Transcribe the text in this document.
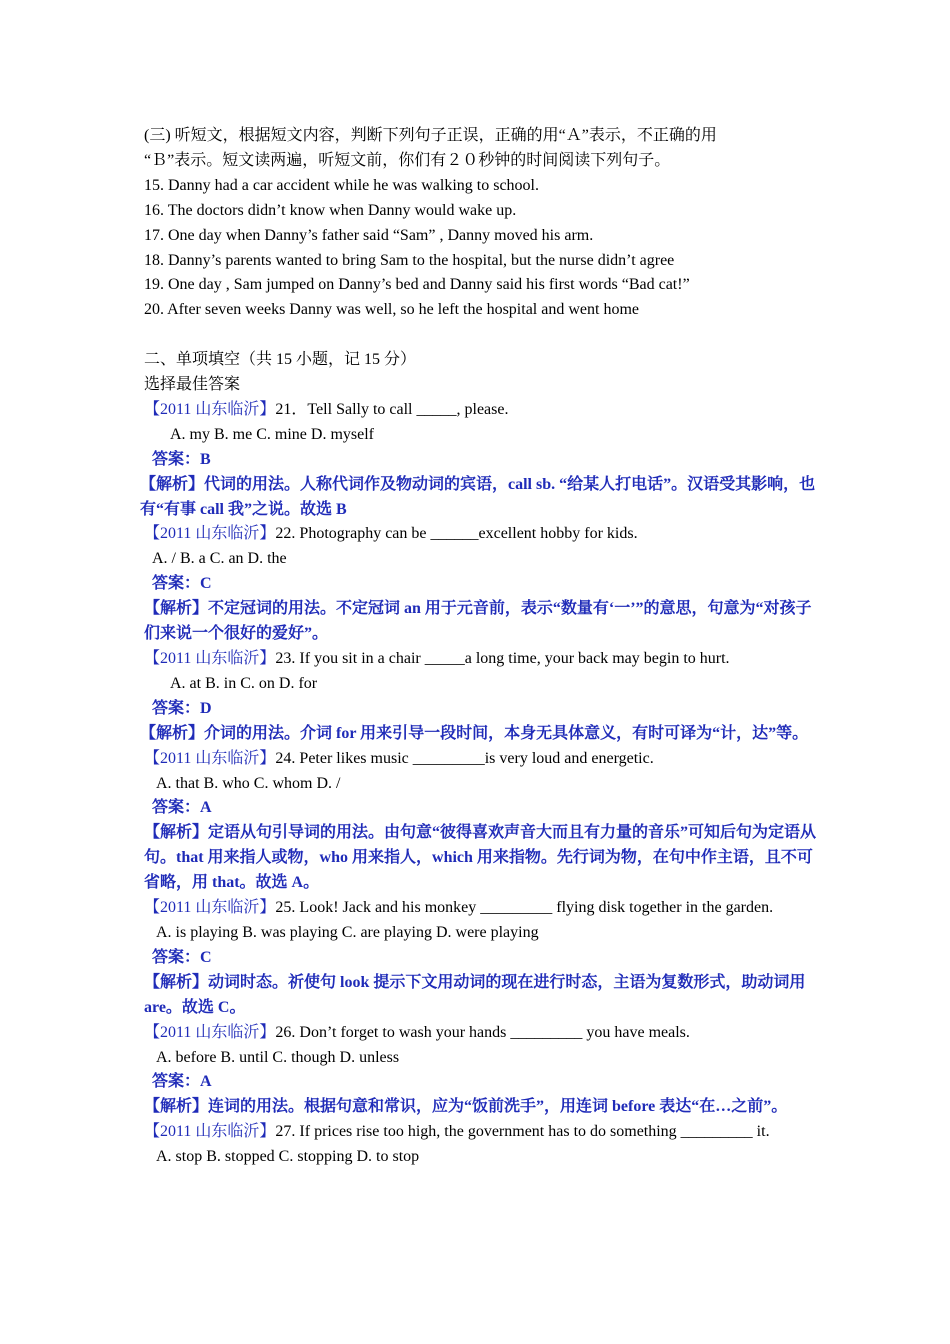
(三) 听短文，根据短文内容，判断下列句子正误，正确的用“Ａ”表示，不正确的用
“Ｂ”表示。短文读两遍，听短文前，你们有２０秒钟的时间阅读下列句子。
15. Danny had a car accident while he was walking to school.
16. The doctors didn’t know when Danny would wake up.
17. One day when Danny’s father said “Sam” , Danny moved his arm.
18. Danny’s parents wanted to bring Sam to the hospital, but the nurse didn’t agree
19. One day , Sam jumped on Danny’s bed and Danny said his first words “Bad cat!”
20. After seven weeks Danny was well, so he left the hospital and went home
二、单项填空（共 15 小题，记 15 分）
选择最佳答案
【2011 山东临沂】21．Tell Sally to call _____, please.
A. my B. me C. mine D. myself
答案：B
【解析】代词的用法。人称代词作及物动词的宾语，call sb. “给某人打电话”。汉语受其影响，也有“有事 call 我”之说。故选 B
【2011 山东临沂】22. Photography can be ______excellent hobby for kids.
A. / B. a C. an D. the
答案：C
【解析】不定冠词的用法。不定冠词 an 用于元音前，表示“数量有‘一’”的意思，句意为“对孩子们来说一个很好的爱好”。
【2011 山东临沂】23. If you sit in a chair _____a long time, your back may begin to hurt.
A. at B. in C. on D. for
答案：D
【解析】介词的用法。介词 for 用来引导一段时间，本身无具体意义，有时可译为“计，达”等。
【2011 山东临沂】24. Peter likes music _________is very loud and energetic.
A. that B. who C. whom D. /
答案：A
【解析】定语从句引导词的用法。由句意“彼得喜欢声音大而且有力量的音乐”可知后句为定语从句。that 用来指人或物，who 用来指人，which 用来指物。先行词为物，在句中作主语，且不可省略，用 that。故选 A。
【2011 山东临沂】25. Look! Jack and his monkey _________ flying disk together in the garden.
A. is playing B. was playing C. are playing D. were playing
答案：C
【解析】动词时态。祈使句 look 提示下文用动词的现在进行时态，主语为复数形式，助动词用 are。故选 C。
【2011 山东临沂】26. Don’t forget to wash your hands _________ you have meals.
A. before B. until C. though D. unless
答案：A
【解析】连词的用法。根据句意和常识，应为“饭前洗手”，用连词 before 表达“在…之前”。
【2011 山东临沂】27. If prices rise too high, the government has to do something _________ it.
A. stop B. stopped C. stopping D. to stop
